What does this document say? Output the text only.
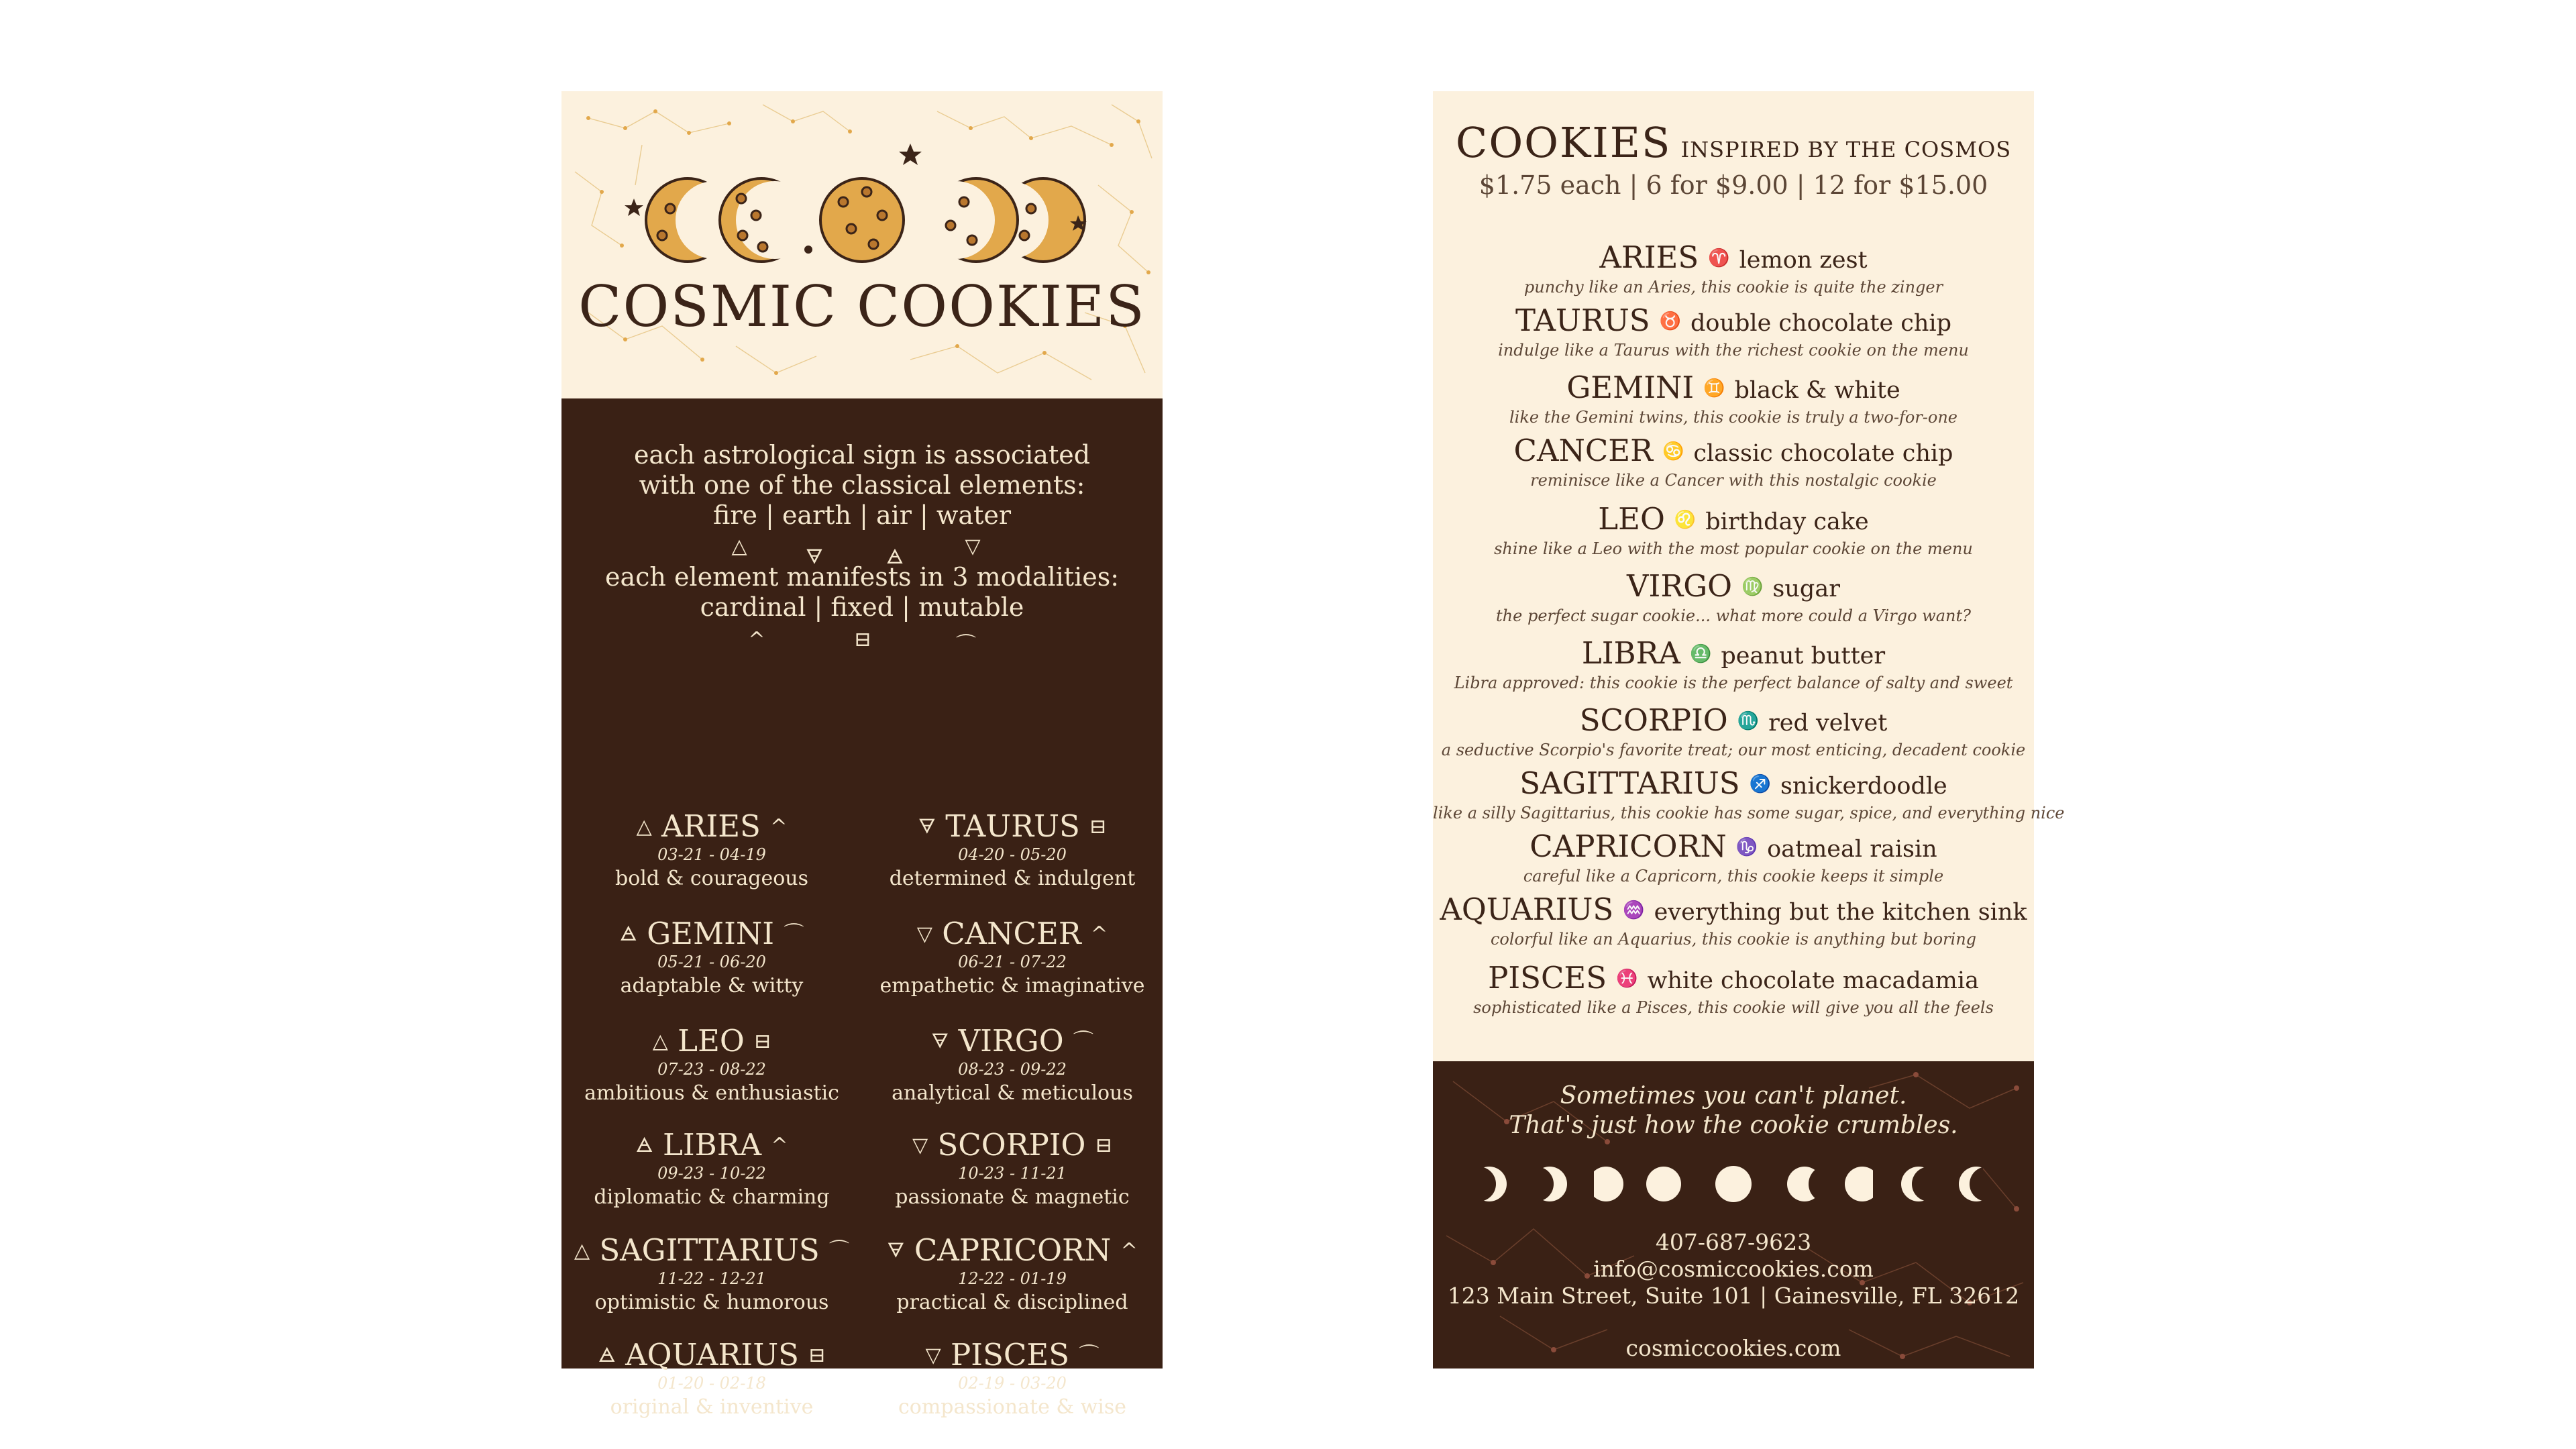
COSMIC COOKIES
each astrological sign is associated
with one of the classical elements:
fire | earth | air | water
△	🜃	🜁	▽
each element manifests in 3 modalities:
cardinal | fixed | mutable
^	⊟	⌒
△ ARIES ^
03-21 - 04-19
bold & courageous
🜃 TAURUS ⊟
04-20 - 05-20
determined & indulgent
🜁 GEMINI ⌒
05-21 - 06-20
adaptable & witty
▽ CANCER ^
06-21 - 07-22
empathetic & imaginative
△ LEO ⊟
07-23 - 08-22
ambitious & enthusiastic
🜃 VIRGO ⌒
08-23 - 09-22
analytical & meticulous
🜁 LIBRA ^
09-23 - 10-22
diplomatic & charming
▽ SCORPIO ⊟
10-23 - 11-21
passionate & magnetic
△ SAGITTARIUS ⌒
11-22 - 12-21
optimistic & humorous
🜃 CAPRICORN ^
12-22 - 01-19
practical & disciplined
🜁 AQUARIUS ⊟
01-20 - 02-18
original & inventive
▽ PISCES ⌒
02-19 - 03-20
compassionate & wise
COOKIES INSPIRED BY THE COSMOS
$1.75 each | 6 for $9.00 | 12 for $15.00
ARIES ♈ lemon zest
punchy like an Aries, this cookie is quite the zinger
TAURUS ♉ double chocolate chip
indulge like a Taurus with the richest cookie on the menu
GEMINI ♊ black & white
like the Gemini twins, this cookie is truly a two-for-one
CANCER ♋ classic chocolate chip
reminisce like a Cancer with this nostalgic cookie
LEO ♌ birthday cake
shine like a Leo with the most popular cookie on the menu
VIRGO ♍ sugar
the perfect sugar cookie... what more could a Virgo want?
LIBRA ♎ peanut butter
Libra approved: this cookie is the perfect balance of salty and sweet
SCORPIO ♏ red velvet
a seductive Scorpio's favorite treat; our most enticing, decadent cookie
SAGITTARIUS ♐ snickerdoodle
like a silly Sagittarius, this cookie has some sugar, spice, and everything nice
CAPRICORN ♑ oatmeal raisin
careful like a Capricorn, this cookie keeps it simple
AQUARIUS ♒ everything but the kitchen sink
colorful like an Aquarius, this cookie is anything but boring
PISCES ♓ white chocolate macadamia
sophisticated like a Pisces, this cookie will give you all the feels
Sometimes you can't planet.
That's just how the cookie crumbles.
407-687-9623
info@cosmiccookies.com
123 Main Street, Suite 101 | Gainesville, FL 32612
cosmiccookies.com
